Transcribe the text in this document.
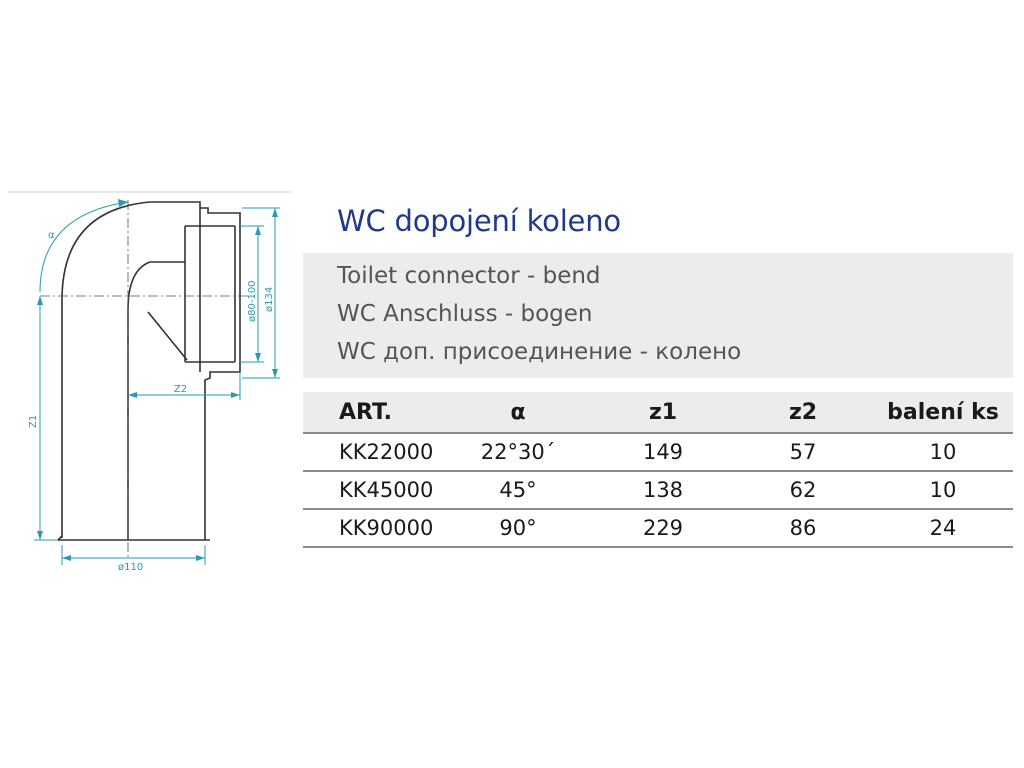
α
Z1
Z2
ø110
ø80-100 ø134
WC dopojení koleno
Toilet connector - bend
WC Anschluss - bogen
WC доп. присоединение - колено
ART.	α	z1	z2	balení ks
KK22000	22°30´	149	57	10
KK45000	45°	138	62	10
KK90000	90°	229	86	24
